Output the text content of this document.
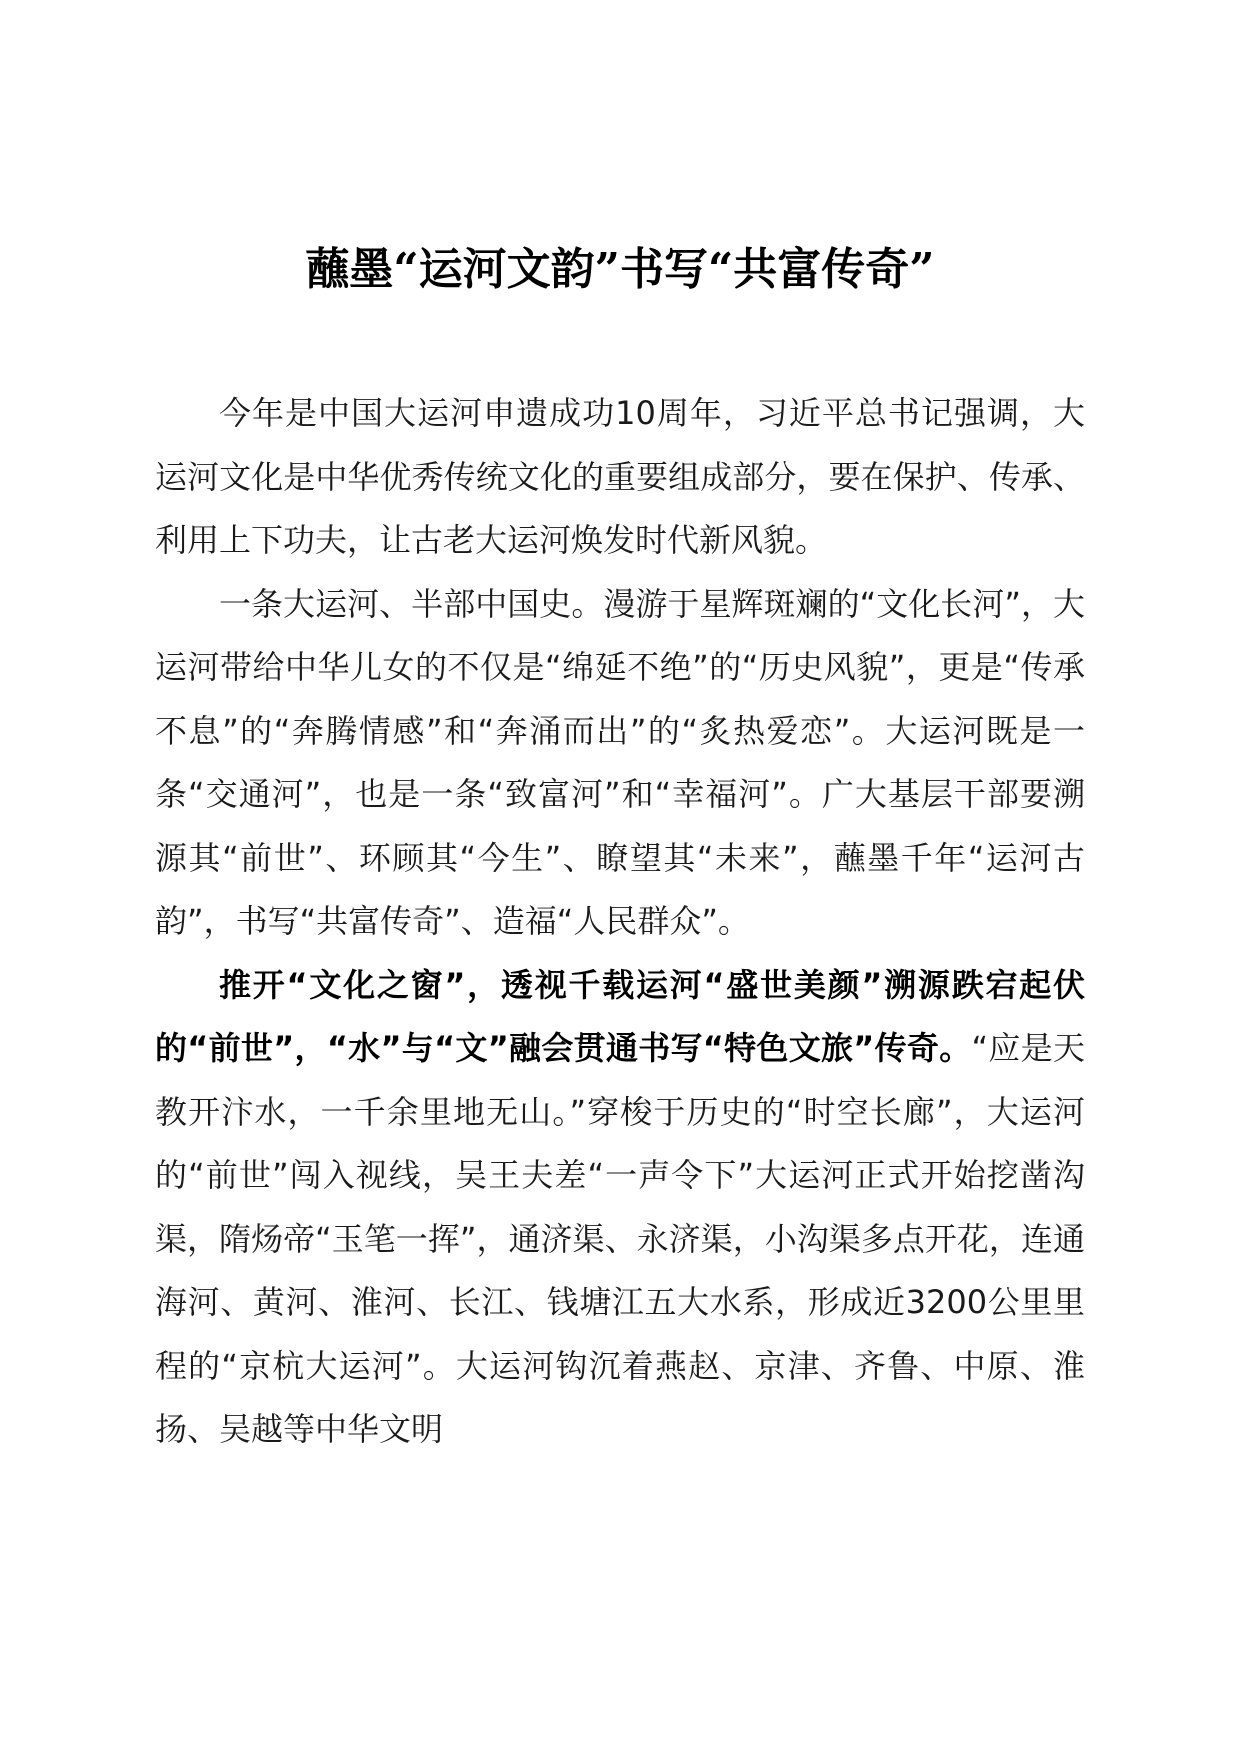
蘸墨“运河文韵”书写“共富传奇”

今年是中国大运河申遗成功10周年，习近平总书记强调，大运河文化是中华优秀传统文化的重要组成部分，要在保护、传承、利用上下功夫，让古老大运河焕发时代新风貌。

一条大运河、半部中国史。漫游于星辉斑斓的“文化长河”，大运河带给中华儿女的不仅是“绵延不绝”的“历史风貌”，更是“传承不息”的“奔腾情感”和“奔涌而出”的“炙热爱恋”。大运河既是一条“交通河”，也是一条“致富河”和“幸福河”。广大基层干部要溯源其“前世”、环顾其“今生”、瞭望其“未来”，蘸墨千年“运河古韵”，书写“共富传奇”、造福“人民群众”。

推开“文化之窗”，透视千载运河“盛世美颜”溯源跌宕起伏的“前世”，“水”与“文”融会贯通书写“特色文旅”传奇。“应是天教开汴水，一千余里地无山。”穿梭于历史的“时空长廊”，大运河的“前世”闯入视线，吴王夫差“一声令下”大运河正式开始挖凿沟渠，隋炀帝“玉笔一挥”，通济渠、永济渠，小沟渠多点开花，连通海河、黄河、淮河、长江、钱塘江五大水系，形成近3200公里里程的“京杭大运河”。大运河钩沉着燕赵、京津、齐鲁、中原、淮扬、吴越等中华文明
